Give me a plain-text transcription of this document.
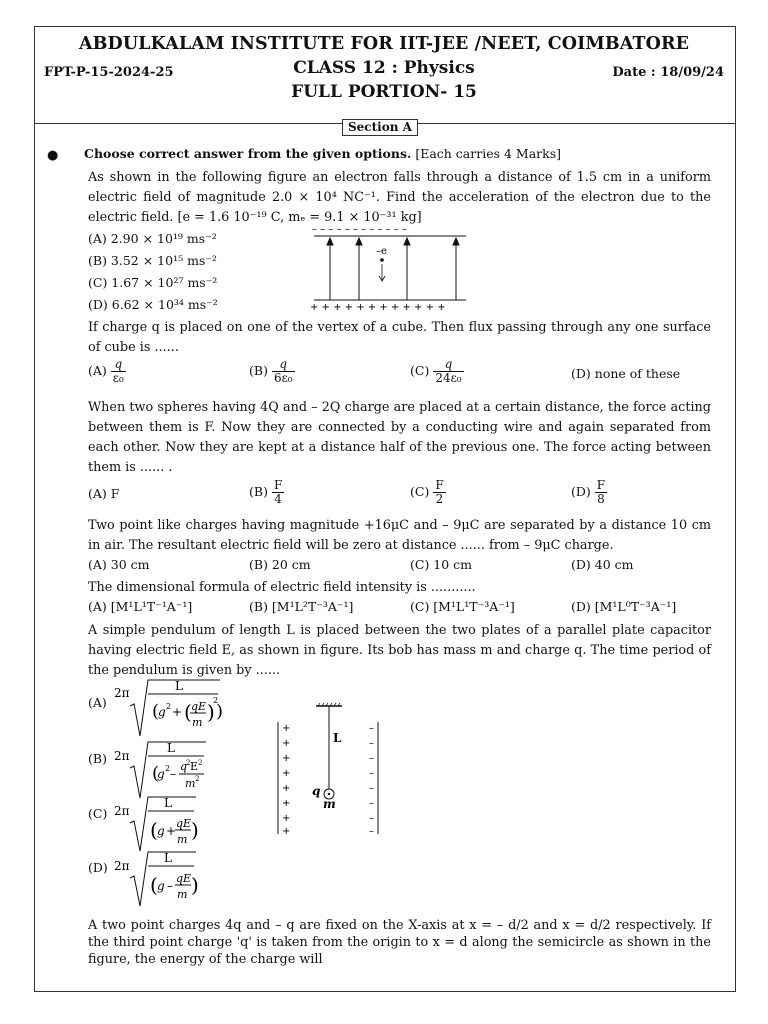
ABDULKALAM INSTITUTE FOR IIT-JEE /NEET, COIMBATORE
CLASS 12 : Physics
FULL PORTION- 15
FPT-P-15-2024-25	Date : 18/09/24
Section A
● Choose correct answer from the given options. [Each carries 4 Marks]
As shown in the following figure an electron falls through a distance of 1.5 cm in a uniform electric field of magnitude 2.0 × 10⁴ NC⁻¹. Find the acceleration of the electron due to the electric field. [e = 1.6 10⁻¹⁹ C, mₑ = 9.1 × 10⁻³¹ kg]
(A) 2.90 × 10¹⁹ ms⁻²
(B) 3.52 × 10¹⁵ ms⁻²
(C) 1.67 × 10²⁷ ms⁻²
(D) 6.62 × 10³⁴ ms⁻²
– – – – – – – – – – – –
+ + + + + + + + + + + +
–e
If charge q is placed on one of the vertex of a cube. Then flux passing through any one surface of cube is ......
$(A) \frac{q}{\text{ε₀}}$	$(B) \frac{q}{\text{6ε₀}}$	$(C) \frac{q}{\text{24ε₀}}$	(D) none of these
When two spheres having 4Q and – 2Q charge are placed at a certain distance, the force acting between them is F. Now they are connected by a conducting wire and again separated from each other. Now they are kept at a distance half of the previous one. The force acting between them is ...... .
(A) F	$(B) \frac{F}{4}$	$(C) \frac{F}{2}$	$(D) \frac{F}{8}$
Two point like charges having magnitude +16μC and – 9μC are separated by a distance 10 cm in air. The resultant electric field will be zero at distance ...... from – 9μC charge.
(A) 30 cm	(B) 20 cm	(C) 10 cm	(D) 40 cm
The dimensional formula of electric field intensity is ...........
(A) [M¹L¹T⁻¹A⁻¹]	(B) [M¹L²T⁻³A⁻¹]	(C) [M¹L¹T⁻³A⁻¹]	(D) [M¹L⁰T⁻³A⁻¹]
A simple pendulum of length L is placed between the two plates of a parallel plate capacitor having electric field E, as shown in figure. Its bob has mass m and charge q. The time period of the pendulum is given by ......
(A)
(B)
(C)
(D)
2π	L
(
g 2 + ( qE
m )
2
)
2π
L
(
g 2 –
q
2 E 2
m 2
2π
L
( g +
qE
m )
2π
L
( g –
qE
m )
+
+
+
+
+
+
+
+
–
–
–
–
–
–
–
–
L
q
m
A two point charges 4q and – q are fixed on the X-axis at x = – d/2 and x = d/2 respectively. If the third point charge 'q' is taken from the origin to x = d along the semicircle as shown in the figure, the energy of the charge will
